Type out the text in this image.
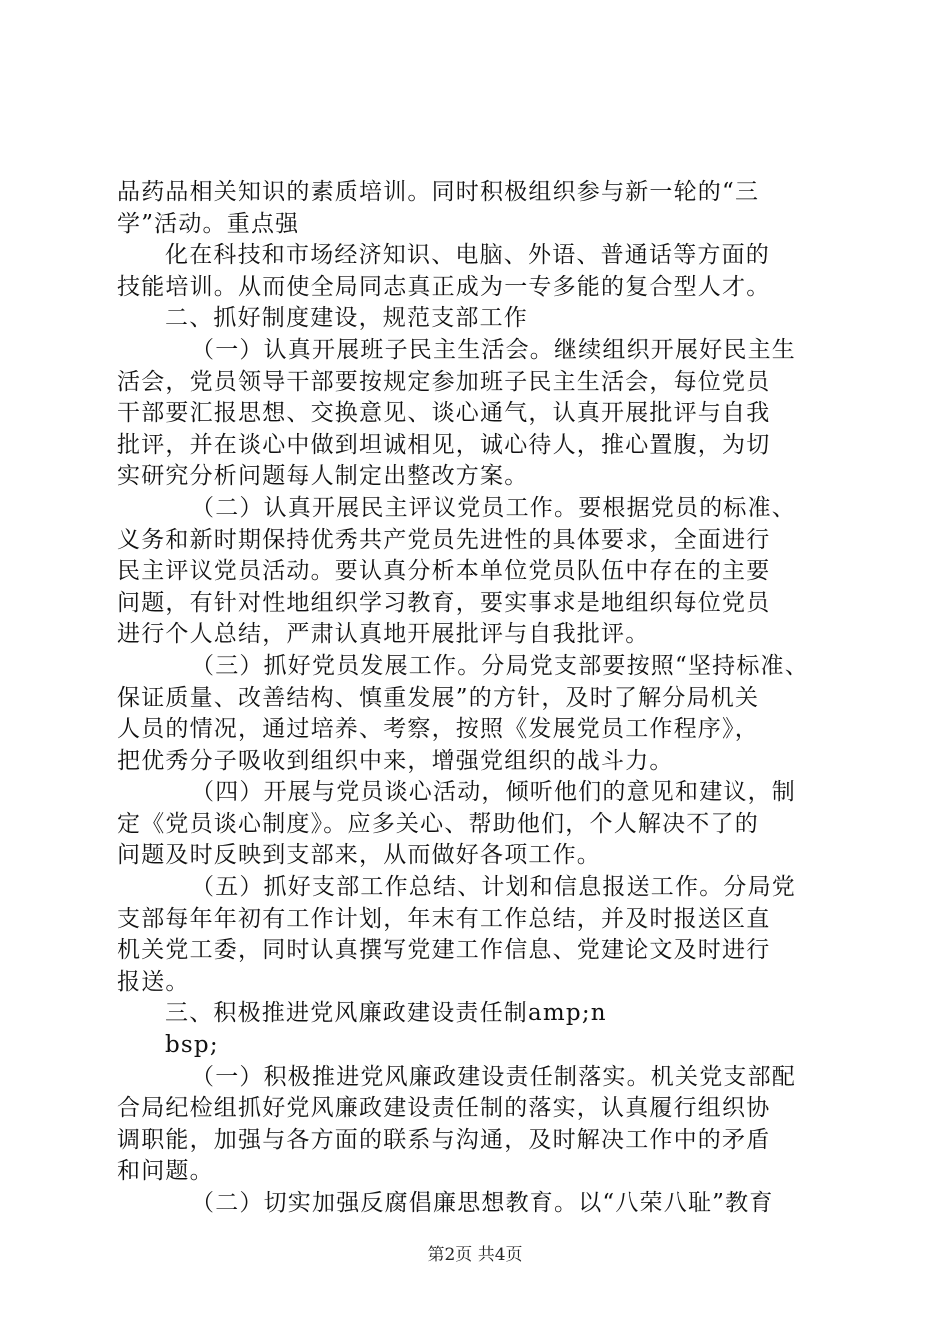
品药品相关知识的素质培训。同时积极组织参与新一轮的“三
学”活动。重点强
化在科技和市场经济知识、电脑、外语、普通话等方面的
技能培训。从而使全局同志真正成为一专多能的复合型人才。
二、抓好制度建设，规范支部工作
（一）认真开展班子民主生活会。继续组织开展好民主生
活会，党员领导干部要按规定参加班子民主生活会，每位党员
干部要汇报思想、交换意见、谈心通气，认真开展批评与自我
批评，并在谈心中做到坦诚相见，诚心待人，推心置腹，为切
实研究分析问题每人制定出整改方案。
（二）认真开展民主评议党员工作。要根据党员的标准、
义务和新时期保持优秀共产党员先进性的具体要求，全面进行
民主评议党员活动。要认真分析本单位党员队伍中存在的主要
问题，有针对性地组织学习教育，要实事求是地组织每位党员
进行个人总结，严肃认真地开展批评与自我批评。
（三）抓好党员发展工作。分局党支部要按照“坚持标准、
保证质量、改善结构、慎重发展”的方针，及时了解分局机关
人员的情况，通过培养、考察，按照《发展党员工作程序》，
把优秀分子吸收到组织中来，增强党组织的战斗力。
（四）开展与党员谈心活动，倾听他们的意见和建议，制
定《党员谈心制度》。应多关心、帮助他们，个人解决不了的
问题及时反映到支部来，从而做好各项工作。
（五）抓好支部工作总结、计划和信息报送工作。分局党
支部每年年初有工作计划，年末有工作总结，并及时报送区直
机关党工委，同时认真撰写党建工作信息、党建论文及时进行
报送。
三、积极推进党风廉政建设责任制amp;n
bsp;
（一）积极推进党风廉政建设责任制落实。机关党支部配
合局纪检组抓好党风廉政建设责任制的落实，认真履行组织协
调职能，加强与各方面的联系与沟通，及时解决工作中的矛盾
和问题。
（二）切实加强反腐倡廉思想教育。以“八荣八耻”教育
第2页 共4页
